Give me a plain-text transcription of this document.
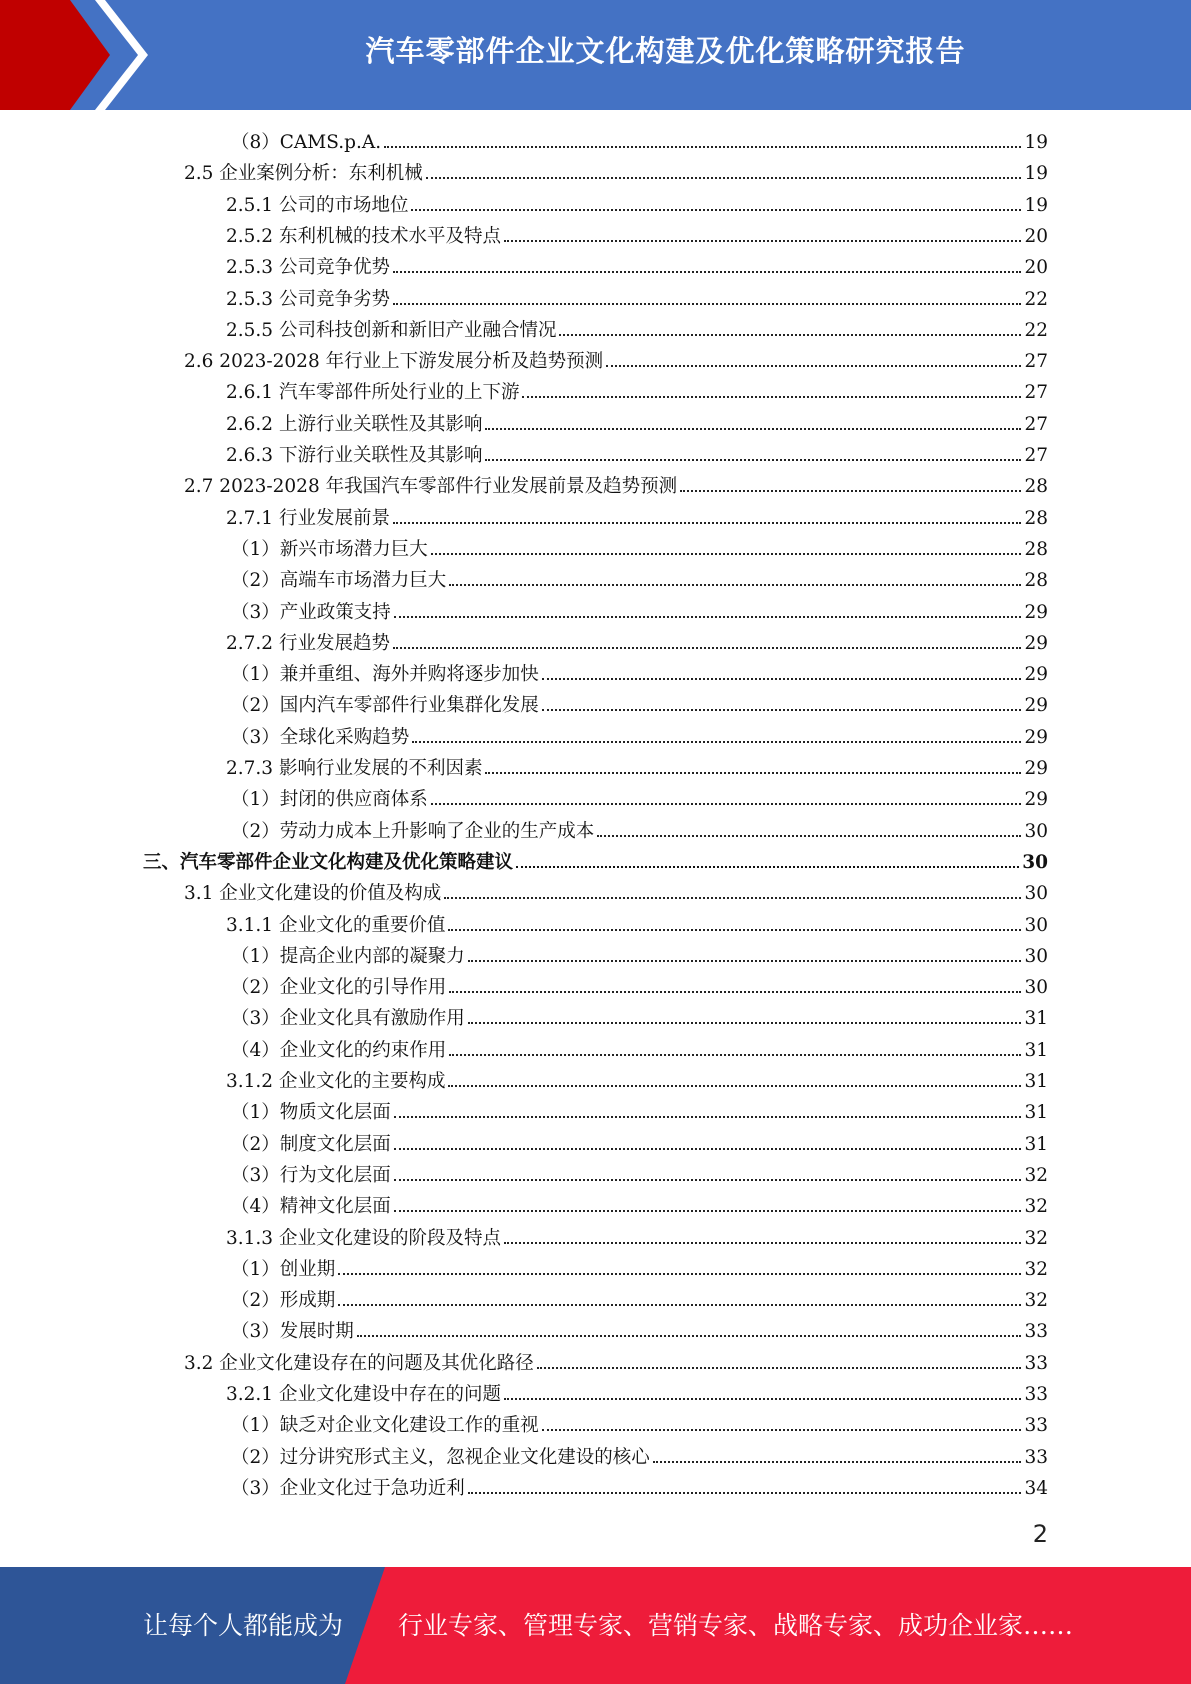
汽车零部件企业文化构建及优化策略研究报告
（8）CAMS.p.A.	19
2.5 企业案例分析：东利机械	19
2.5.1 公司的市场地位	19
2.5.2 东利机械的技术水平及特点	20
2.5.3 公司竞争优势	20
2.5.3 公司竞争劣势	22
2.5.5 公司科技创新和新旧产业融合情况	22
2.6 2023-2028 年行业上下游发展分析及趋势预测	27
2.6.1 汽车零部件所处行业的上下游	27
2.6.2 上游行业关联性及其影响	27
2.6.3 下游行业关联性及其影响	27
2.7 2023-2028 年我国汽车零部件行业发展前景及趋势预测	28
2.7.1 行业发展前景	28
（1）新兴市场潜力巨大	28
（2）高端车市场潜力巨大	28
（3）产业政策支持	29
2.7.2 行业发展趋势	29
（1）兼并重组、海外并购将逐步加快	29
（2）国内汽车零部件行业集群化发展	29
（3）全球化采购趋势	29
2.7.3 影响行业发展的不利因素	29
（1）封闭的供应商体系	29
（2）劳动力成本上升影响了企业的生产成本	30
三、汽车零部件企业文化构建及优化策略建议	30
3.1 企业文化建设的价值及构成	30
3.1.1 企业文化的重要价值	30
（1）提高企业内部的凝聚力	30
（2）企业文化的引导作用	30
（3）企业文化具有激励作用	31
（4）企业文化的约束作用	31
3.1.2 企业文化的主要构成	31
（1）物质文化层面	31
（2）制度文化层面	31
（3）行为文化层面	32
（4）精神文化层面	32
3.1.3 企业文化建设的阶段及特点	32
（1）创业期	32
（2）形成期	32
（3）发展时期	33
3.2 企业文化建设存在的问题及其优化路径	33
3.2.1 企业文化建设中存在的问题	33
（1）缺乏对企业文化建设工作的重视	33
（2）过分讲究形式主义，忽视企业文化建设的核心	33
（3）企业文化过于急功近利	34
2
让每个人都能成为 行业专家、管理专家、营销专家、战略专家、成功企业家……
